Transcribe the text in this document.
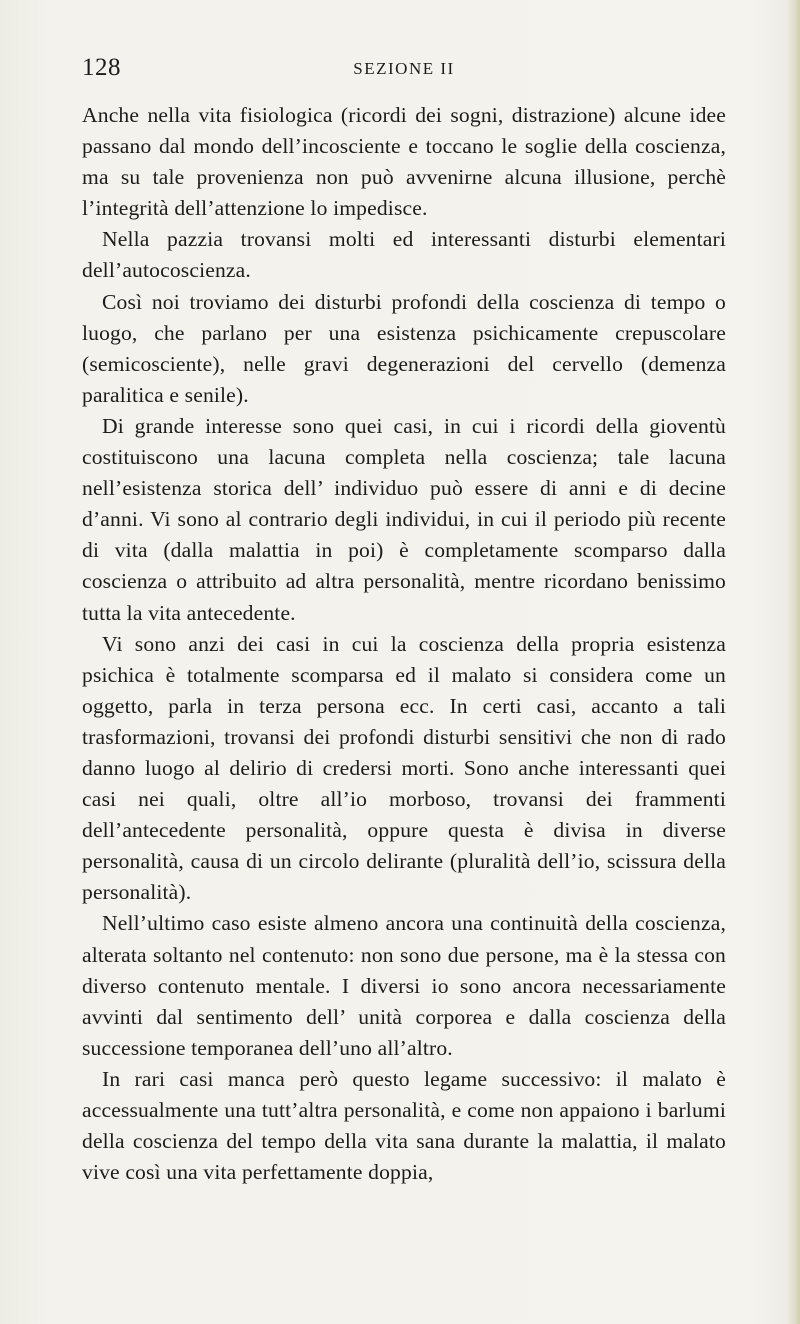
128	SEZIONE II

Anche nella vita fisiologica (ricordi dei sogni, distrazione) alcune idee passano dal mondo dell’incosciente e toccano le soglie della coscienza, ma su tale provenienza non può avvenirne alcuna illusione, perchè l’integrità dell’attenzione lo impedisce.

Nella pazzia trovansi molti ed interessanti disturbi elementari dell’autocoscienza.

Così noi troviamo dei disturbi profondi della coscienza di tempo o luogo, che parlano per una esistenza psichicamente crepuscolare (semicosciente), nelle gravi degenerazioni del cervello (demenza paralitica e senile).

Di grande interesse sono quei casi, in cui i ricordi della gioventù costituiscono una lacuna completa nella coscienza; tale lacuna nell’esistenza storica dell’ individuo può essere di anni e di decine d’anni. Vi sono al contrario degli individui, in cui il periodo più recente di vita (dalla malattia in poi) è completamente scomparso dalla coscienza o attribuito ad altra personalità, mentre ricordano benissimo tutta la vita antecedente.

Vi sono anzi dei casi in cui la coscienza della propria esistenza psichica è totalmente scomparsa ed il malato si considera come un oggetto, parla in terza persona ecc. In certi casi, accanto a tali trasformazioni, trovansi dei profondi disturbi sensitivi che non di rado danno luogo al delirio di credersi morti. Sono anche interessanti quei casi nei quali, oltre all’io morboso, trovansi dei frammenti dell’antecedente personalità, oppure questa è divisa in diverse personalità, causa di un circolo delirante (pluralità dell’io, scissura della personalità).

Nell’ultimo caso esiste almeno ancora una continuità della coscienza, alterata soltanto nel contenuto: non sono due persone, ma è la stessa con diverso contenuto mentale. I diversi io sono ancora necessariamente avvinti dal sentimento dell’ unità corporea e dalla coscienza della successione temporanea dell’uno all’altro.

In rari casi manca però questo legame successivo: il malato è accessualmente una tutt’altra personalità, e come non appaiono i barlumi della coscienza del tempo della vita sana durante la malattia, il malato vive così una vita perfettamente doppia,
